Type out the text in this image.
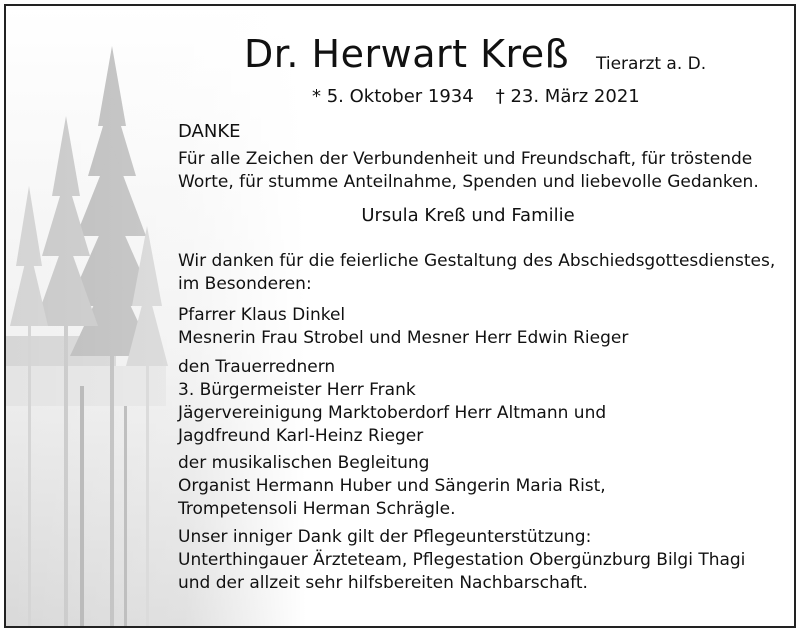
Dr. Herwart Kreß Tierarzt a. D.
* 5. Oktober 1934 † 23. März 2021
DANKE
Für alle Zeichen der Verbundenheit und Freundschaft, für tröstende
Worte, für stumme Anteilnahme, Spenden und liebevolle Gedanken.
Ursula Kreß und Familie
Wir danken für die feierliche Gestaltung des Abschiedsgottesdienstes,
im Besonderen:
Pfarrer Klaus Dinkel
Mesnerin Frau Strobel und Mesner Herr Edwin Rieger
den Trauerrednern
3. Bürgermeister Herr Frank
Jägervereinigung Marktoberdorf Herr Altmann und
Jagdfreund Karl-Heinz Rieger
der musikalischen Begleitung
Organist Hermann Huber und Sängerin Maria Rist,
Trompetensoli Herman Schrägle.
Unser inniger Dank gilt der Pflegeunterstützung:
Unterthingauer Ärzteteam, Pflegestation Obergünzburg Bilgi Thagi
und der allzeit sehr hilfsbereiten Nachbarschaft.
